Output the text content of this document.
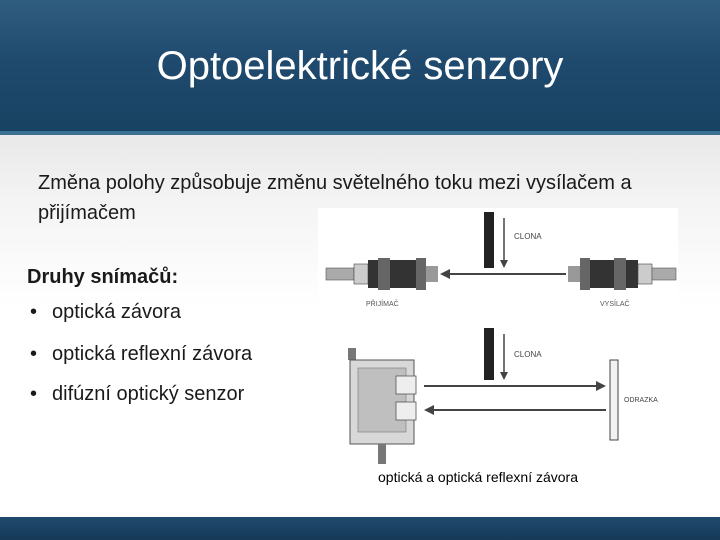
Optoelektrické senzory
Změna polohy způsobuje změnu světelného toku mezi vysílačem a přijímačem
CLONA
PŘIJÍMAČ	VYSÍLAČ
CLONA
ODRAZKA
Druhy snímačů:
• optická závora
• optická reflexní závora
• difúzní optický senzor
optická a optická reflexní závora
